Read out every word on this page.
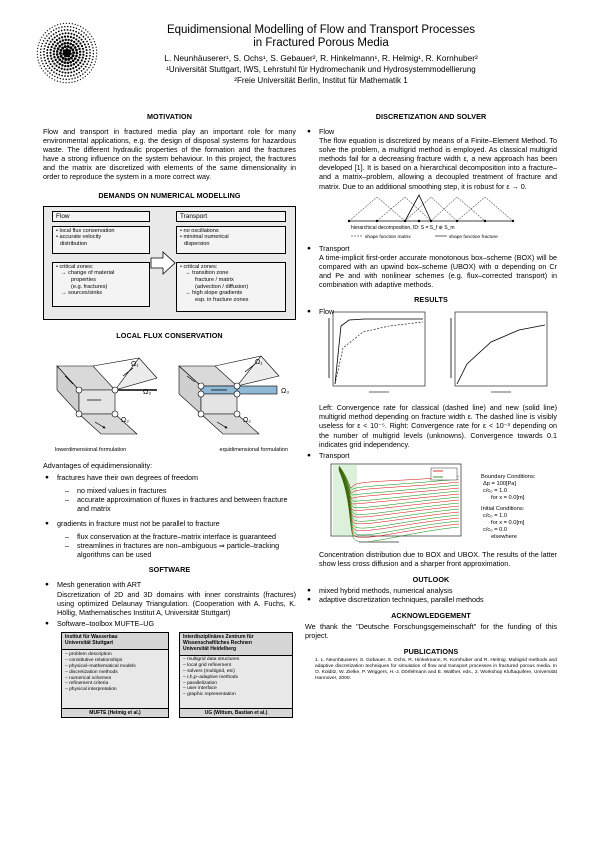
Equidimensional Modelling of Flow and Transport Processes

in Fractured Porous Media

L. Neunhäuserer¹, S. Ochs¹, S. Gebauer², R. Hinkelmann¹, R. Helmig¹, R. Kornhuber²

¹Universität Stuttgart, IWS, Lehrstuhl für Hydromechanik und Hydrosystemmodellierung

²Freie Universität Berlin, Institut für Mathematik 1

MOTIVATION

Flow and transport in fractured media play an important role for many environmental applications, e.g. the design of disposal systems for hazardous waste. The different hydraulic properties of the formation and the fractures have a strong influence on the system behaviour. In this project, the fractures and the matrix are discretized with elements of the same dimensionality in order to reproduce the system in a more correct way.

DEMANDS ON NUMERICAL MODELLING
Flow
• local flux conservation
• accurate velocity
distribution
• critical zones:
→ change of material
properties
(e.g. fractures)
→ sources/sinks
Transport
• no oscillations
• minimal numerical
dispersion
• critical zones:
→ transition zone
fracture / matrix
(advection / diffusion)
→ high slope gradients
esp. in fracture zones
LOCAL FLUX CONSERVATION
Ω₁
Ω₃
Ω₂
Ω₁
Ω₃
Ω₂
lowerdimensional formulation	equidimensional formulation

Advantages of equidimensionality:

● fractures have their own degrees of freedom
– no mixed values in fractures
– accurate approximation of fluxes in fractures and between fracture and matrix
● gradients in fracture must not be parallel to fracture
– flux conservation at the fracture–matrix interface is guaranteed
– streamlines in fractures are non–ambiguous ⇒ particle–tracking algorithms can be used
SOFTWARE
● Mesh generation with ART
Discretization of 2D and 3D domains with inner constraints (fractures) using optimized Delaunay Triangulation. (Cooperation with A. Fuchs, K. Höllig, Mathematisches Institut A, Universität Stuttgart)
● Software–toolbox MUFTE–UG
Institut für Wasserbau
Universität Stuttgart
– problem description
– constitutive relationships
– physical–mathematical models
– discretization methods
– numerical schemes
– refinement criteria
– physical interpretation
MUFTE (Helmig et al.)
Interdisziplinäres Zentrum für
Wissenschaftliches Rechnen
Universität Heidelberg
– multigrid data structures
– local grid refinement
– solvers (multigrid, etc)
– r,h,p–adaptive methods
– parallelization
– user interface
– graphic representation
UG (Wittum, Bastian et al.)
DISCRETIZATION AND SOLVER
● Flow
The flow equation is discretized by means of a Finite–Element Method. To solve the problem, a multigrid method is employed. As classical multigrid methods fail for a decreasing fracture width ε, a new approach has been developed [1]. It is based on a hierarchical decomposition into a fracture– and a matrix–problem, allowing a decoupled treatment of fracture and matrix. Due to an additional smoothing step, it is robust for ε → 0.
hierarchical decomposition, ID: S = S_f ⊕ S_m
shape function matrix	shape function fracture
● Transport
A time-implicit first-order accurate monotonous box–scheme (BOX) will be compared with an upwind box–scheme (UBOX) with α depending on Cr and Pe and with nonlinear schemes (e.g. flux–corrected transport) in combination with adaptive methods.
RESULTS
● Flow

Left: Convergence rate for classical (dashed line) and new (solid line) multigrid method depending on fracture width ε. The dashed line is visibly useless for ε < 10⁻⁵. Right: Convergence rate for ε < 10⁻³ depending on the number of multigrid levels (unknowns). Convergence towards 0.1 indicates grid independency.

● Transport
Boundary Conditions:
Δp = 100[Pa]
c/c₀ = 1.0
for x = 0.0[m]
Initial Conditions:
c/c₀ = 1.0
for x = 0.0[m]
c/c₀ = 0.0
elsewhere

Concentration distribution due to BOX and UBOX. The results of the latter show less cross diffusion and a sharper front approximation.

OUTLOOK
● mixed hybrid methods, numerical analysis
● adaptive discretization techniques, parallel methods
ACKNOWLEDGEMENT

We thank the "Deutsche Forschungsgemeinschaft" for the funding of this project.

PUBLICATIONS

1. L. Neunhäuserer, S. Gebauer, S. Ochs, R. Hinkelmann, R. Kornhuber and R. Helmig. Multigrid methods and adaptive discretization techniques for simulation of flow and transport processes in fractured porous media. In O. Kolditz, W. Zielke, P. Wriggers, H.-J. Dörfelmann and E. Walther, eds., 2. Workshop Kluftaquifere, Universität Hannover, 2000.
